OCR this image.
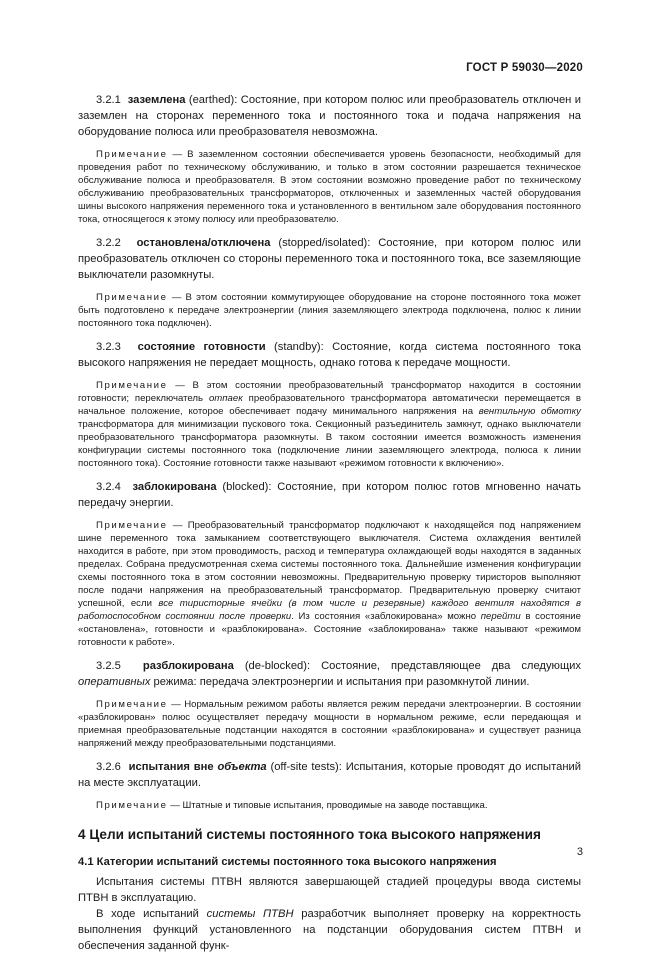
ГОСТ Р 59030—2020

3.2.1 заземлена (earthed): Состояние, при котором полюс или преобразователь отключен и заземлен на сторонах переменного тока и постоянного тока и подача напряжения на оборудование полюса или преобразователя невозможна.

Примечание — В заземленном состоянии обеспечивается уровень безопасности, необходимый для проведения работ по техническому обслуживанию, и только в этом состоянии разрешается техническое обслуживание полюса и преобразователя. В этом состоянии возможно проведение работ по техническому обслуживанию преобразовательных трансформаторов, отключенных и заземленных частей оборудования шины высокого напряжения переменного тока и установленного в вентильном зале оборудования постоянного тока, относящегося к этому полюсу или преобразователю.

3.2.2 остановлена/отключена (stopped/isolated): Состояние, при котором полюс или преобразователь отключен со стороны переменного тока и постоянного тока, все заземляющие выключатели разомкнуты.

Примечание — В этом состоянии коммутирующее оборудование на стороне постоянного тока может быть подготовлено к передаче электроэнергии (линия заземляющего электрода подключена, полюс к линии постоянного тока подключен).

3.2.3 состояние готовности (standby): Состояние, когда система постоянного тока высокого напряжения не передает мощность, однако готова к передаче мощности.

Примечание — В этом состоянии преобразовательный трансформатор находится в состоянии готовности; переключатель отпаек преобразовательного трансформатора автоматически перемещается в начальное положение, которое обеспечивает подачу минимального напряжения на вентильную обмотку трансформатора для минимизации пускового тока. Секционный разъединитель замкнут, однако выключатели преобразовательного трансформатора разомкнуты. В таком состоянии имеется возможность изменения конфигурации системы постоянного тока (подключение линии заземляющего электрода, полюса к линии постоянного тока). Состояние готовности также называют «режимом готовности к включению».

3.2.4 заблокирована (blocked): Состояние, при котором полюс готов мгновенно начать передачу энергии.

Примечание — Преобразовательный трансформатор подключают к находящейся под напряжением шине переменного тока замыканием соответствующего выключателя. Система охлаждения вентилей находится в работе, при этом проводимость, расход и температура охлаждающей воды находятся в заданных пределах. Собрана предусмотренная схема системы постоянного тока. Дальнейшие изменения конфигурации схемы постоянного тока в этом состоянии невозможны. Предварительную проверку тиристоров выполняют после подачи напряжения на преобразовательный трансформатор. Предварительную проверку считают успешной, если все тиристорные ячейки (в том числе и резервные) каждого вентиля находятся в работоспособном состоянии после проверки. Из состояния «заблокирована» можно перейти в состояние «остановлена», готовности и «разблокирована». Состояние «заблокирована» также называют «режимом готовности к работе».

3.2.5 разблокирована (de-blocked): Состояние, представляющее два следующих оперативных режима: передача электроэнергии и испытания при разомкнутой линии.

Примечание — Нормальным режимом работы является режим передачи электроэнергии. В состоянии «разблокирован» полюс осуществляет передачу мощности в нормальном режиме, если передающая и приемная преобразовательные подстанции находятся в состоянии «разблокирована» и существует разница напряжений между преобразовательными подстанциями.

3.2.6 испытания вне объекта (off-site tests): Испытания, которые проводят до испытаний на месте эксплуатации.

Примечание — Штатные и типовые испытания, проводимые на заводе поставщика.

4 Цели испытаний системы постоянного тока высокого напряжения
4.1 Категории испытаний системы постоянного тока высокого напряжения

Испытания системы ПТВН являются завершающей стадией процедуры ввода системы ПТВН в эксплуатацию.

В ходе испытаний системы ПТВН разработчик выполняет проверку на корректность выполнения функций установленного на подстанции оборудования систем ПТВН и обеспечения заданной функ-

3
